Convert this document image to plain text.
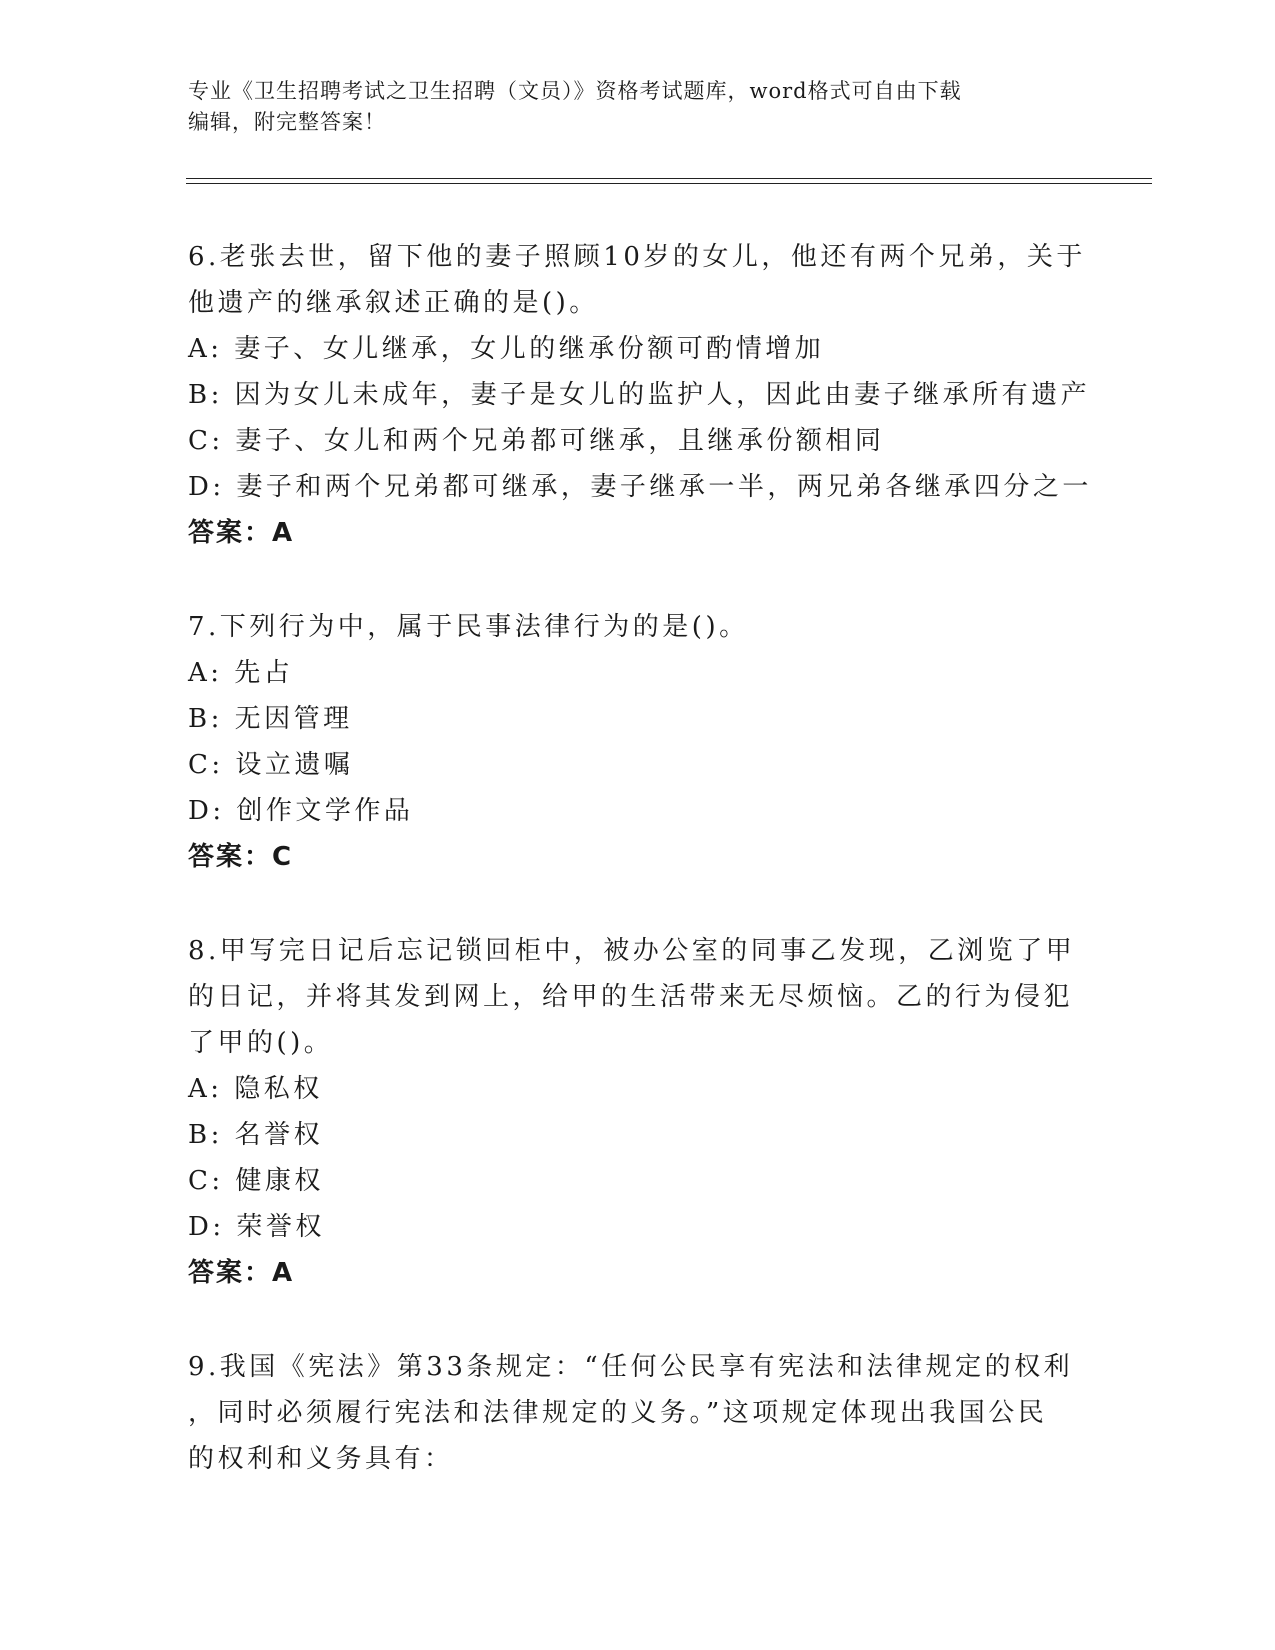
专业《卫生招聘考试之卫生招聘（文员）》资格考试题库，word格式可自由下载
编辑，附完整答案！
6.老张去世，留下他的妻子照顾10岁的女儿，他还有两个兄弟，关于
他遗产的继承叙述正确的是()。
A: 妻子、女儿继承，女儿的继承份额可酌情增加
B: 因为女儿未成年，妻子是女儿的监护人，因此由妻子继承所有遗产
C: 妻子、女儿和两个兄弟都可继承，且继承份额相同
D: 妻子和两个兄弟都可继承，妻子继承一半，两兄弟各继承四分之一
答案：A
7.下列行为中，属于民事法律行为的是()。
A: 先占
B: 无因管理
C: 设立遗嘱
D: 创作文学作品
答案：C
8.甲写完日记后忘记锁回柜中，被办公室的同事乙发现，乙浏览了甲
的日记，并将其发到网上，给甲的生活带来无尽烦恼。乙的行为侵犯
了甲的()。
A: 隐私权
B: 名誉权
C: 健康权
D: 荣誉权
答案：A
9.我国《宪法》第33条规定：“任何公民享有宪法和法律规定的权利
，同时必须履行宪法和法律规定的义务。”这项规定体现出我国公民
的权利和义务具有：
